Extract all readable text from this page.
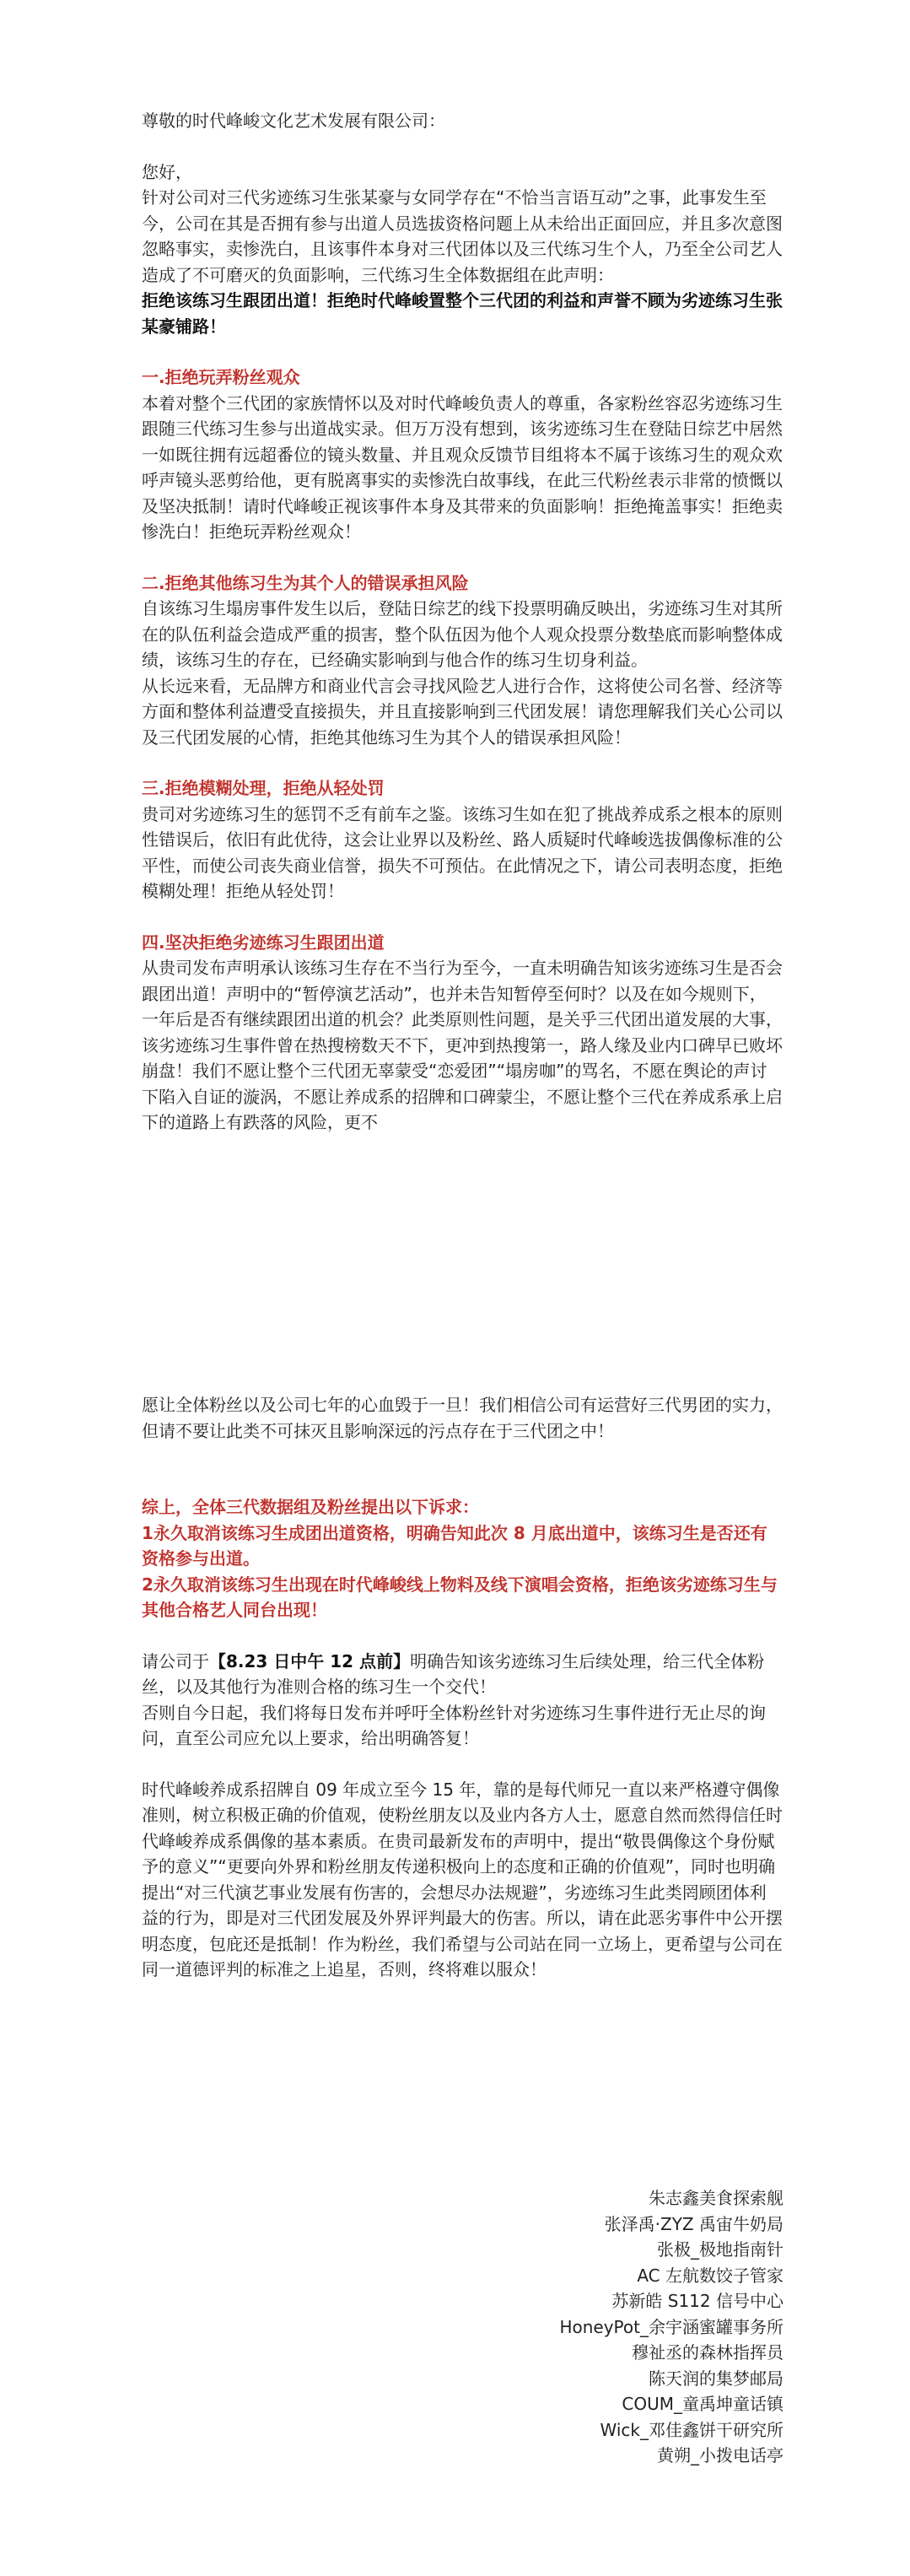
尊敬的时代峰峻文化艺术发展有限公司：

您好，

针对公司对三代劣迹练习生张某豪与女同学存在“不恰当言语互动”之事，此事发生至今，公司在其是否拥有参与出道人员选拔资格问题上从未给出正面回应，并且多次意图忽略事实，卖惨洗白，且该事件本身对三代团体以及三代练习生个人，乃至全公司艺人造成了不可磨灭的负面影响，三代练习生全体数据组在此声明：

拒绝该练习生跟团出道！拒绝时代峰峻置整个三代团的利益和声誉不顾为劣迹练习生张某豪铺路！

一.拒绝玩弄粉丝观众

本着对整个三代团的家族情怀以及对时代峰峻负责人的尊重，各家粉丝容忍劣迹练习生跟随三代练习生参与出道战实录。但万万没有想到，该劣迹练习生在登陆日综艺中居然一如既往拥有远超番位的镜头数量、并且观众反馈节目组将本不属于该练习生的观众欢呼声镜头恶剪给他，更有脱离事实的卖惨洗白故事线，在此三代粉丝表示非常的愤慨以及坚决抵制！请时代峰峻正视该事件本身及其带来的负面影响！拒绝掩盖事实！拒绝卖惨洗白！拒绝玩弄粉丝观众！

二.拒绝其他练习生为其个人的错误承担风险

自该练习生塌房事件发生以后，登陆日综艺的线下投票明确反映出，劣迹练习生对其所在的队伍利益会造成严重的损害，整个队伍因为他个人观众投票分数垫底而影响整体成绩，该练习生的存在，已经确实影响到与他合作的练习生切身利益。

从长远来看，无品牌方和商业代言会寻找风险艺人进行合作，这将使公司名誉、经济等方面和整体利益遭受直接损失，并且直接影响到三代团发展！请您理解我们关心公司以及三代团发展的心情，拒绝其他练习生为其个人的错误承担风险！

三.拒绝模糊处理，拒绝从轻处罚

贵司对劣迹练习生的惩罚不乏有前车之鉴。该练习生如在犯了挑战养成系之根本的原则性错误后，依旧有此优待，这会让业界以及粉丝、路人质疑时代峰峻选拔偶像标准的公平性，而使公司丧失商业信誉，损失不可预估。在此情况之下，请公司表明态度，拒绝模糊处理！拒绝从轻处罚！

四.坚决拒绝劣迹练习生跟团出道

从贵司发布声明承认该练习生存在不当行为至今，一直未明确告知该劣迹练习生是否会跟团出道！声明中的“暂停演艺活动”，也并未告知暂停至何时？以及在如今规则下，一年后是否有继续跟团出道的机会？此类原则性问题，是关乎三代团出道发展的大事，该劣迹练习生事件曾在热搜榜数天不下，更冲到热搜第一，路人缘及业内口碑早已败坏崩盘！我们不愿让整个三代团无辜蒙受“恋爱团”“塌房咖”的骂名，不愿在舆论的声讨下陷入自证的漩涡，不愿让养成系的招牌和口碑蒙尘，不愿让整个三代在养成系承上启下的道路上有跌落的风险，更不

愿让全体粉丝以及公司七年的心血毁于一旦！我们相信公司有运营好三代男团的实力，但请不要让此类不可抹灭且影响深远的污点存在于三代团之中！

综上，全体三代数据组及粉丝提出以下诉求：

1永久取消该练习生成团出道资格，明确告知此次 8 月底出道中，该练习生是否还有资格参与出道。

2永久取消该练习生出现在时代峰峻线上物料及线下演唱会资格，拒绝该劣迹练习生与其他合格艺人同台出现！

请公司于【8.23 日中午 12 点前】明确告知该劣迹练习生后续处理，给三代全体粉丝，以及其他行为准则合格的练习生一个交代！

否则自今日起，我们将每日发布并呼吁全体粉丝针对劣迹练习生事件进行无止尽的询问，直至公司应允以上要求，给出明确答复！

时代峰峻养成系招牌自 09 年成立至今 15 年，靠的是每代师兄一直以来严格遵守偶像准则，树立积极正确的价值观，使粉丝朋友以及业内各方人士，愿意自然而然得信任时代峰峻养成系偶像的基本素质。在贵司最新发布的声明中，提出“敬畏偶像这个身份赋予的意义”“更要向外界和粉丝朋友传递积极向上的态度和正确的价值观”，同时也明确提出“对三代演艺事业发展有伤害的，会想尽办法规避”，劣迹练习生此类罔顾团体利益的行为，即是对三代团发展及外界评判最大的伤害。所以，请在此恶劣事件中公开摆明态度，包庇还是抵制！作为粉丝，我们希望与公司站在同一立场上，更希望与公司在同一道德评判的标准之上追星，否则，终将难以服众！

朱志鑫美食探索舰

张泽禹·ZYZ 禹宙牛奶局

张极_极地指南针

AC 左航数饺子管家

苏新皓 S112 信号中心

HoneyPot_余宇涵蜜罐事务所

穆祉丞的森林指挥员

陈天润的集梦邮局

COUM_童禹坤童话镇

Wick_邓佳鑫饼干研究所

黄朔_小拨电话亭
